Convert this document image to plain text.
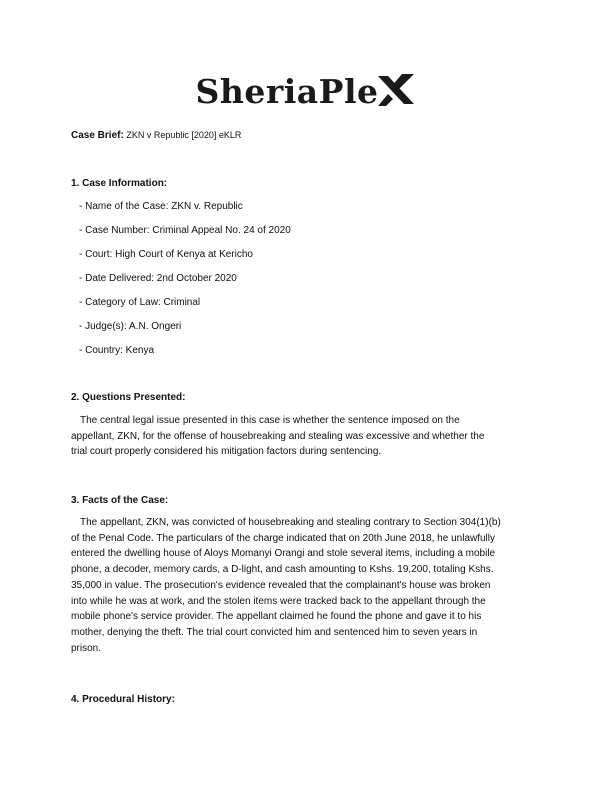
SheriaPle
Case Brief: ZKN v Republic [2020] eKLR
1. Case Information:
- Name of the Case: ZKN v. Republic
- Case Number: Criminal Appeal No. 24 of 2020
- Court: High Court of Kenya at Kericho
- Date Delivered: 2nd October 2020
- Category of Law: Criminal
- Judge(s): A.N. Ongeri
- Country: Kenya
2. Questions Presented:

The central legal issue presented in this case is whether the sentence imposed on the

appellant, ZKN, for the offense of housebreaking and stealing was excessive and whether the
trial court properly considered his mitigation factors during sentencing.
3. Facts of the Case:

The appellant, ZKN, was convicted of housebreaking and stealing contrary to Section 304(1)(b)

of the Penal Code. The particulars of the charge indicated that on 20th June 2018, he unlawfully
entered the dwelling house of Aloys Momanyi Orangi and stole several items, including a mobile
phone, a decoder, memory cards, a D-light, and cash amounting to Kshs. 19,200, totaling Kshs.
35,000 in value. The prosecution's evidence revealed that the complainant's house was broken
into while he was at work, and the stolen items were tracked back to the appellant through the
mobile phone's service provider. The appellant claimed he found the phone and gave it to his
mother, denying the theft. The trial court convicted him and sentenced him to seven years in
prison.
4. Procedural History:
